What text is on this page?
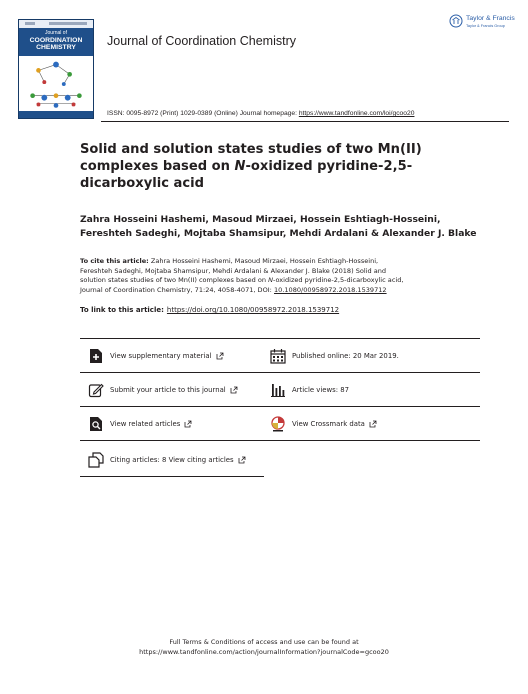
Journal of
COORDINATION
CHEMISTRY	Journal of Coordination Chemistry
Taylor & Francis
Taylor & Francis Group
ISSN: 0095-8972 (Print) 1029-0389 (Online) Journal homepage: https://www.tandfonline.com/loi/gcoo20
Solid and solution states studies of two Mn(II)
complexes based on N-oxidized pyridine-2,5-
dicarboxylic acid
Zahra Hosseini Hashemi, Masoud Mirzaei, Hossein Eshtiagh-Hosseini,
Fereshteh Sadeghi, Mojtaba Shamsipur, Mehdi Ardalani & Alexander J. Blake
To cite this article: Zahra Hosseini Hashemi, Masoud Mirzaei, Hossein Eshtiagh-Hosseini,
Fereshteh Sadeghi, Mojtaba Shamsipur, Mehdi Ardalani & Alexander J. Blake (2018) Solid and
solution states studies of two Mn(II) complexes based on N-oxidized pyridine-2,5-dicarboxylic acid,
Journal of Coordination Chemistry, 71:24, 4058-4071, DOI: 10.1080/00958972.2018.1539712
To link to this article: https://doi.org/10.1080/00958972.2018.1539712
View supplementary material	Published online: 20 Mar 2019.
Submit your article to this journal	Article views: 87
View related articles	View Crossmark data
Citing articles: 8 View citing articles
Full Terms & Conditions of access and use can be found at
https://www.tandfonline.com/action/journalInformation?journalCode=gcoo20
